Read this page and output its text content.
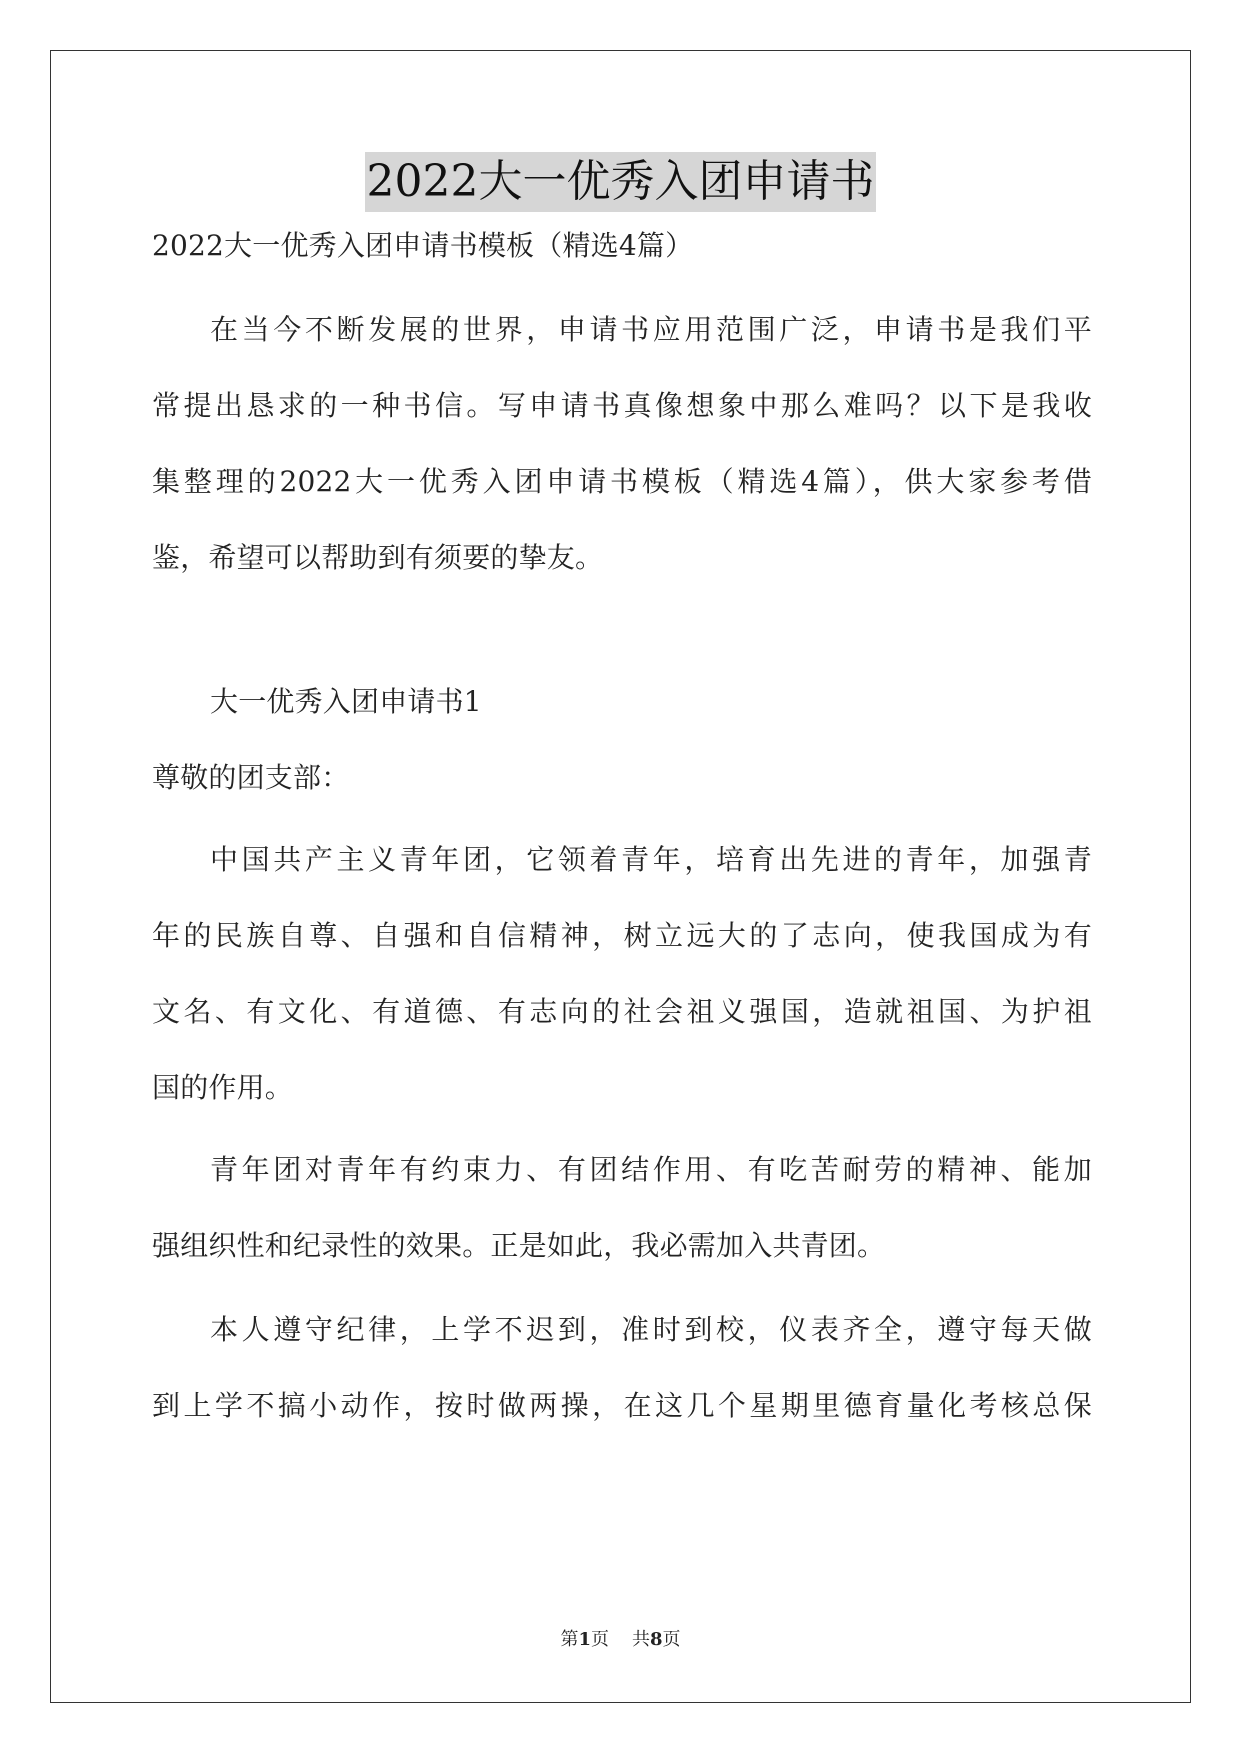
2022大一优秀入团申请书
2022大一优秀入团申请书模板（精选4篇）
在当今不断发展的世界，申请书应用范围广泛，申请书是我们平
常提出恳求的一种书信。写申请书真像想象中那么难吗？以下是我收
集整理的2022大一优秀入团申请书模板（精选4篇），供大家参考借
鉴，希望可以帮助到有须要的挚友。
大一优秀入团申请书1
尊敬的团支部：
中国共产主义青年团，它领着青年，培育出先进的青年，加强青
年的民族自尊、自强和自信精神，树立远大的了志向，使我国成为有
文名、有文化、有道德、有志向的社会祖义强国，造就祖国、为护祖
国的作用。
青年团对青年有约束力、有团结作用、有吃苦耐劳的精神、能加
强组织性和纪录性的效果。正是如此，我必需加入共青团。
本人遵守纪律，上学不迟到，准时到校，仪表齐全，遵守每天做
到上学不搞小动作，按时做两操，在这几个星期里德育量化考核总保
第1页 共8页
